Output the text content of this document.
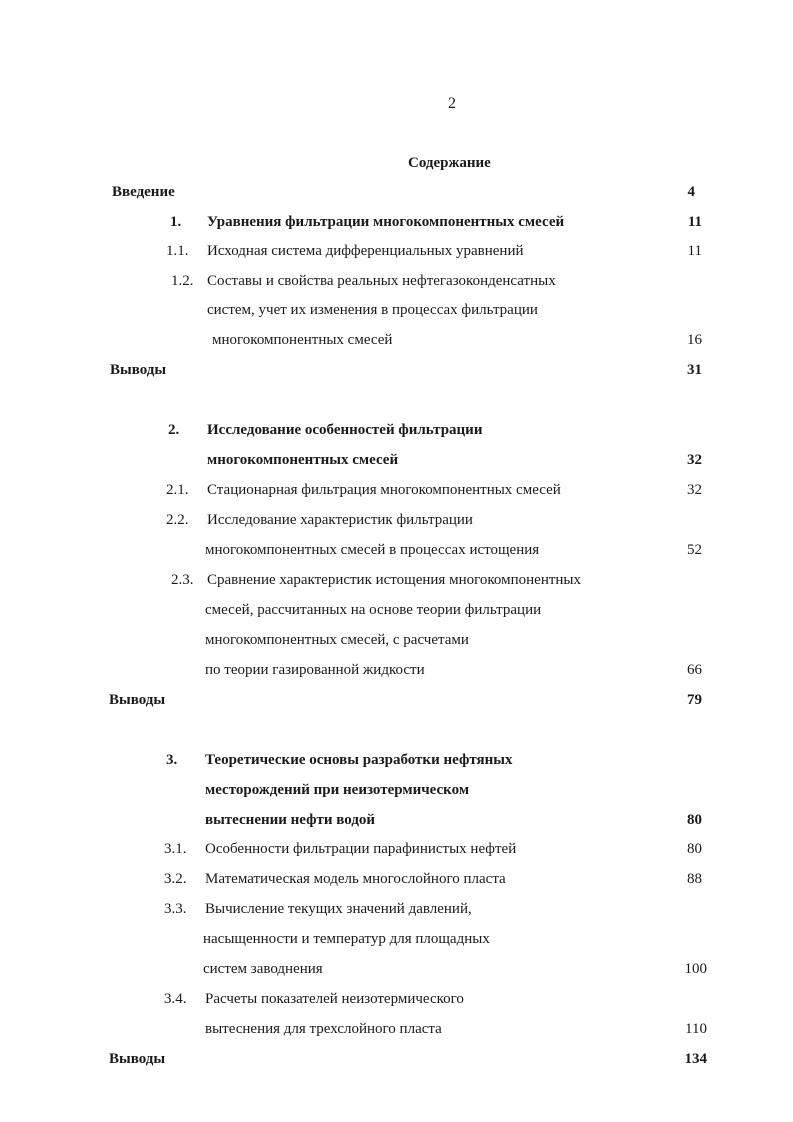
2
Содержание
Введение	4
1. Уравнения фильтрации многокомпонентных смесей	11
1.1. Исходная система дифференциальных уравнений	11
1.2. Составы и свойства реальных нефтегазоконденсатных
систем, учет их изменения в процессах фильтрации
многокомпонентных смесей	16
Выводы	31
2. Исследование особенностей фильтрации
многокомпонентных смесей	32
2.1. Стационарная фильтрация многокомпонентных смесей	32
2.2. Исследование характеристик фильтрации
многокомпонентных смесей в процессах истощения	52
2.3. Сравнение характеристик истощения многокомпонентных
смесей, рассчитанных на основе теории фильтрации
многокомпонентных смесей, с расчетами
по теории газированной жидкости	66
Выводы	79
3. Теоретические основы разработки нефтяных
месторождений при неизотермическом
вытеснении нефти водой	80
3.1. Особенности фильтрации парафинистых нефтей	80
3.2. Математическая модель многослойного пласта	88
3.3. Вычисление текущих значений давлений,
насыщенности и температур для площадных
систем заводнения	100
3.4. Расчеты показателей неизотермического
вытеснения для трехслойного пласта	110
Выводы	134
